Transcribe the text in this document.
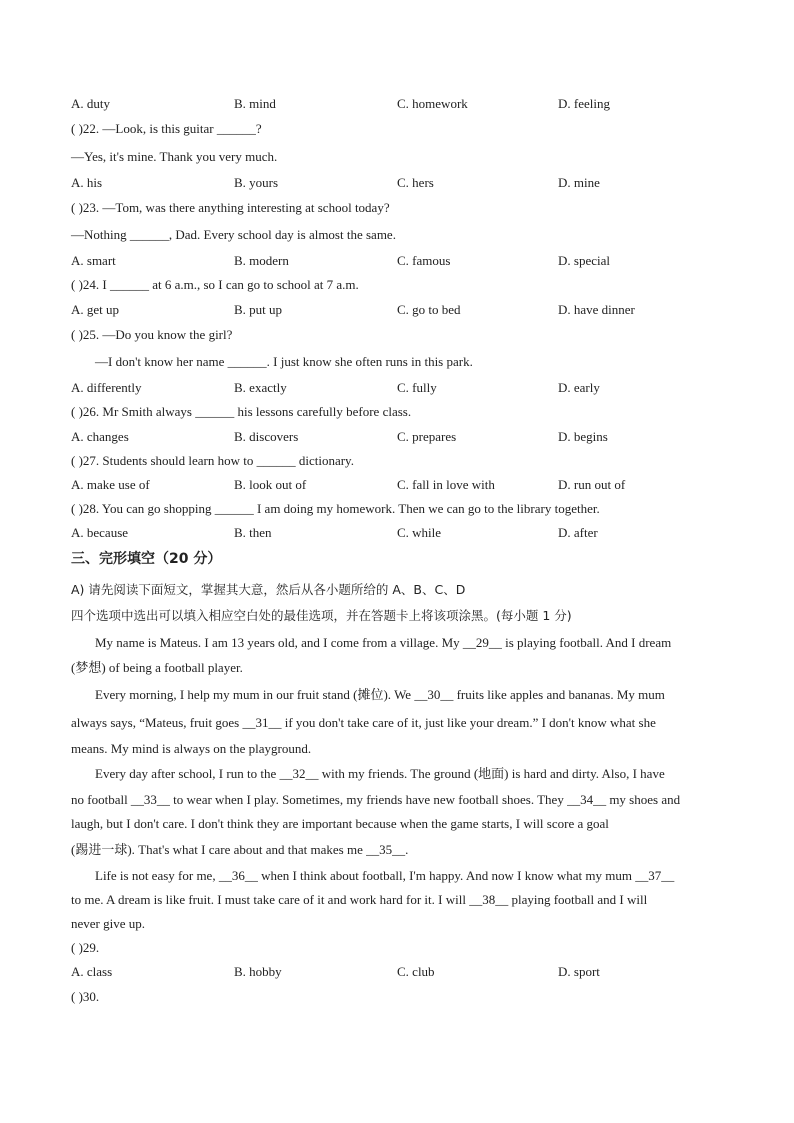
A. duty	B. mind	C. homework	D. feeling
( )22. —Look, is this guitar ______?
—Yes, it's mine. Thank you very much.
A. his	B. yours	C. hers	D. mine
( )23. —Tom, was there anything interesting at school today?
—Nothing ______, Dad. Every school day is almost the same.
A. smart	B. modern	C. famous	D. special
( )24. I ______ at 6 a.m., so I can go to school at 7 a.m.
A. get up	B. put up	C. go to bed	D. have dinner
( )25. —Do you know the girl?
—I don't know her name ______. I just know she often runs in this park.
A. differently	B. exactly	C. fully	D. early
( )26. Mr Smith always ______ his lessons carefully before class.
A. changes	B. discovers	C. prepares	D. begins
( )27. Students should learn how to ______ dictionary.
A. make use of	B. look out of	C. fall in love with	D. run out of
( )28. You can go shopping ______ I am doing my homework. Then we can go to the library together.
A. because	B. then	C. while	D. after
三、完形填空（20 分）
A) 请先阅读下面短文，掌握其大意，然后从各小题所给的 A、B、C、D
四个选项中选出可以填入相应空白处的最佳选项，并在答题卡上将该项涂黑。(每小题 1 分)
My name is Mateus. I am 13 years old, and I come from a village. My __29__ is playing football. And I dream
(梦想) of being a football player.
Every morning, I help my mum in our fruit stand (摊位). We __30__ fruits like apples and bananas. My mum
always says, “Mateus, fruit goes __31__ if you don't take care of it, just like your dream.” I don't know what she
means. My mind is always on the playground.
Every day after school, I run to the __32__ with my friends. The ground (地面) is hard and dirty. Also, I have
no football __33__ to wear when I play. Sometimes, my friends have new football shoes. They __34__ my shoes and
laugh, but I don't care. I don't think they are important because when the game starts, I will score a goal
(踢进一球). That's what I care about and that makes me __35__.
Life is not easy for me, __36__ when I think about football, I'm happy. And now I know what my mum __37__
to me. A dream is like fruit. I must take care of it and work hard for it. I will __38__ playing football and I will
never give up.
( )29.
A. class	B. hobby	C. club	D. sport
( )30.
